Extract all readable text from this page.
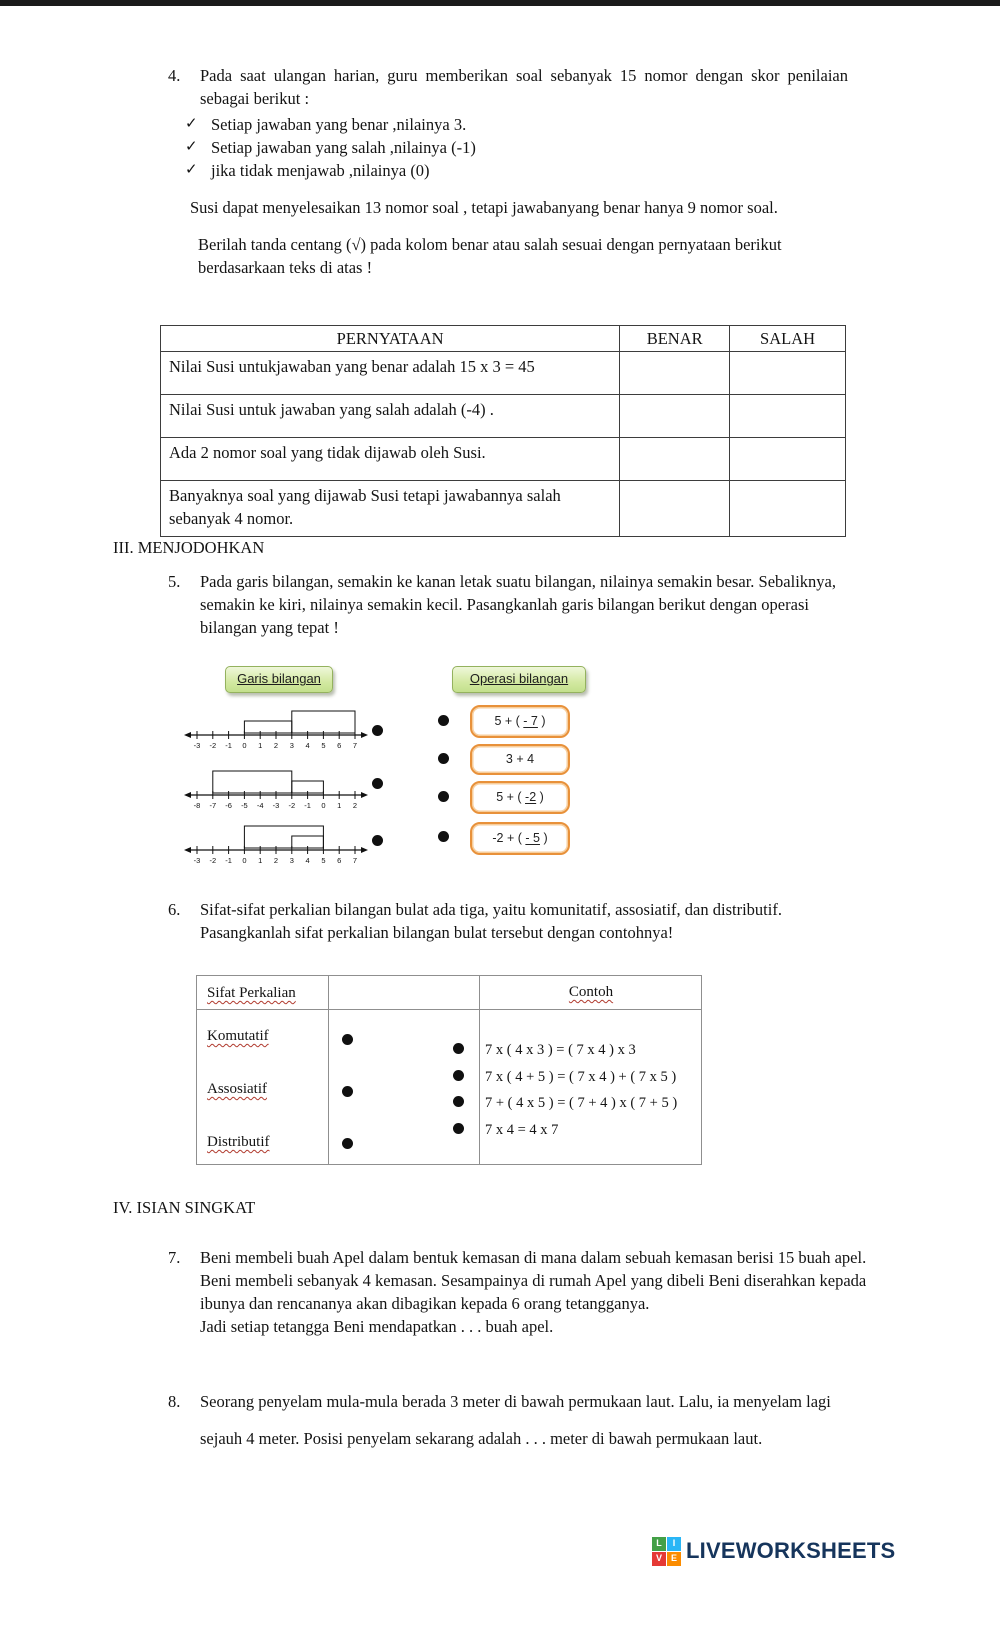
4.	Pada saat ulangan harian, guru memberikan soal sebanyak 15 nomor dengan skor penilaian sebagai berikut :

✓ Setiap jawaban yang benar ,nilainya 3.
✓ Setiap jawaban yang salah ,nilainya (-1)
✓ jika tidak menjawab ,nilainya (0)

Susi dapat menyelesaikan 13 nomor soal , tetapi jawabanyang benar hanya 9 nomor soal.

Berilah tanda centang (√) pada kolom benar atau salah sesuai dengan pernyataan berikut berdasarkaan teks di atas !

PERNYATAAN	BENAR	SALAH
Nilai Susi untukjawaban yang benar adalah 15 x 3 = 45		
Nilai Susi untuk jawaban yang salah adalah (-4) .		
Ada 2 nomor soal yang tidak dijawab oleh Susi.		
Banyaknya soal yang dijawab Susi tetapi jawabannya salah sebanyak 4 nomor.		
III. MENJODOHKAN
5.	Pada garis bilangan, semakin ke kanan letak suatu bilangan, nilainya semakin besar. Sebaliknya, semakin ke kiri, nilainya semakin kecil. Pasangkanlah garis bilangan berikut dengan operasi bilangan yang tepat !
Garis bilangan	Operasi bilangan
-3 -2 -1 0 1 2 3 4 5 6 7
-8 -7 -6 -5 -4 -3 -2 -1 0 1 2
-3 -2 -1 0 1 2 3 4 5 6 7
5 + ( - 7 )
3 + 4
5 + ( -2 )
-2 + ( - 5 )
6.	Sifat-sifat perkalian bilangan bulat ada tiga, yaitu komunitatif, assosiatif, dan distributif.

Pasangkanlah sifat perkalian bilangan bulat tersebut dengan contohnya!

Sifat Perkalian	Contoh
Komutatif
Assosiatif
Distributif
7 x ( 4 x 3 ) = ( 7 x 4 ) x 3
7 x ( 4 + 5 ) = ( 7 x 4 ) + ( 7 x 5 )
7 + ( 4 x 5 ) = ( 7 + 4 ) x ( 7 + 5 )
7 x 4 = 4 x 7
IV. ISIAN SINGKAT
7.	Beni membeli buah Apel dalam bentuk kemasan di mana dalam sebuah kemasan berisi 15 buah apel. Beni membeli sebanyak 4 kemasan. Sesampainya di rumah Apel yang dibeli Beni diserahkan kepada ibunya dan rencananya akan dibagikan kepada 6 orang tetangganya.

Jadi setiap tetangga Beni mendapatkan . . . buah apel.

8.	Seorang penyelam mula-mula berada 3 meter di bawah permukaan laut. Lalu, ia menyelam lagi sejauh 4 meter. Posisi penyelam sekarang adalah . . . meter di bawah permukaan laut.
L	I
V E LIVEWORKSHEETS
